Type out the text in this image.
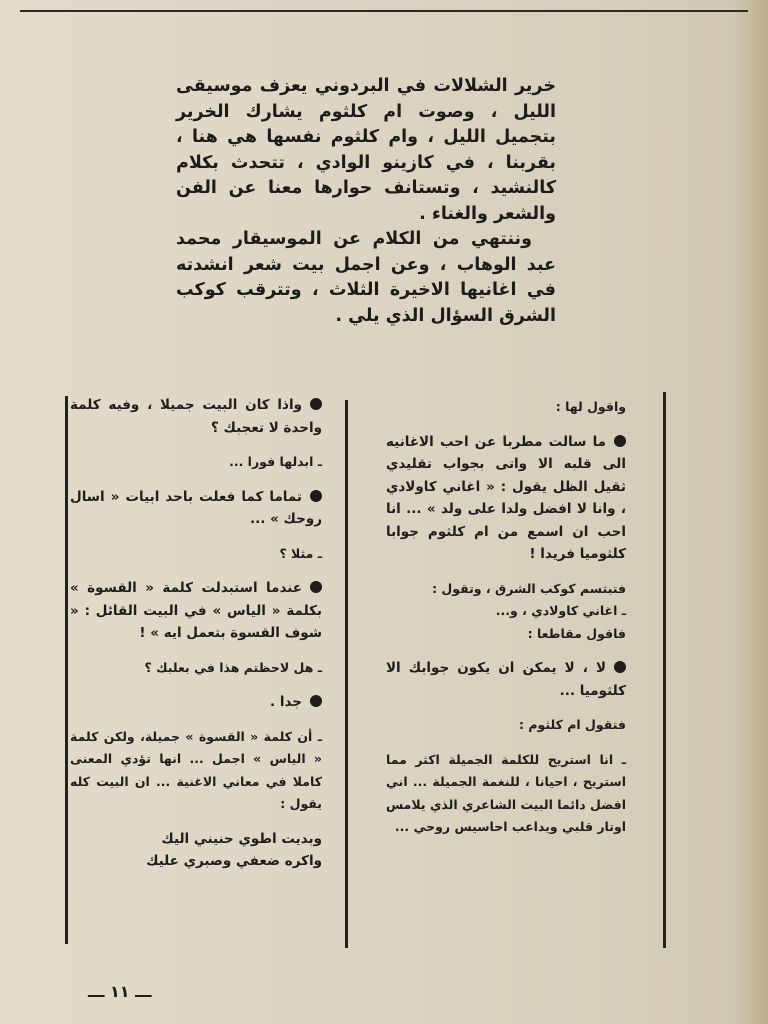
خرير الشلالات في البردوني يعزف موسيقى الليل ، وصوت ام كلثوم يشارك الخرير بتجميل الليل ، وام كلثوم نفسها هي هنا ، بقربنا ، في كازينو الوادي ، تتحدث بكلام كالنشيد ، وتستانف حوارها معنا عن الفن والشعر والغناء .

وننتهي من الكلام عن الموسيقار محمد عبد الوهاب ، وعن اجمل بيت شعر انشدته في اغانيها الاخيرة الثلاث ، وتترقب كوكب الشرق السؤال الذي يلي .

واقول لها :

ما سالت مطربا عن احب الاغانيه الى قلبه الا واتى بجواب تقليدي ثقيل الظل يقول : « اغاني كاولادي ، وانا لا افضل ولدا على ولد » ... انا احب ان اسمع من ام كلثوم جوابا كلثوميا فريدا !

فتبتسم كوكب الشرق ، وتقول :

ـ اغاني كاولادي ، و...

فاقول مقاطعا :

لا ، لا يمكن ان يكون جوابك الا كلثوميا ...

فتقول ام كلثوم :

ـ انا استريح للكلمة الجميلة اكثر مما استريح ، احيانا ، للنغمة الجميلة ... اني افضل دائما البيت الشاعري الذي يلامس اوتار قلبي ويداعب احاسيس روحي ...

واذا كان البيت جميلا ، وفيه كلمة واحدة لا تعجبك ؟

ـ ابدلها فورا ...

تماما كما فعلت باحد ابيات « اسال روحك » ...

ـ مثلا ؟

عندما استبدلت كلمة « القسوة » بكلمة « الياس » في البيت القائل : « شوف القسوة بتعمل ايه » !

ـ هل لاحظتم هذا في بعلبك ؟

جدا .

ـ أن كلمة « القسوة » جميلة، ولكن كلمة « الياس » اجمل ... انها تؤدي المعنى كاملا في معاني الاغنية ... ان البيت كله يقول :

وبديت اطوي حنيني اليك

واكره ضعفي وصبري عليك

ـــ ١١ ـــ
